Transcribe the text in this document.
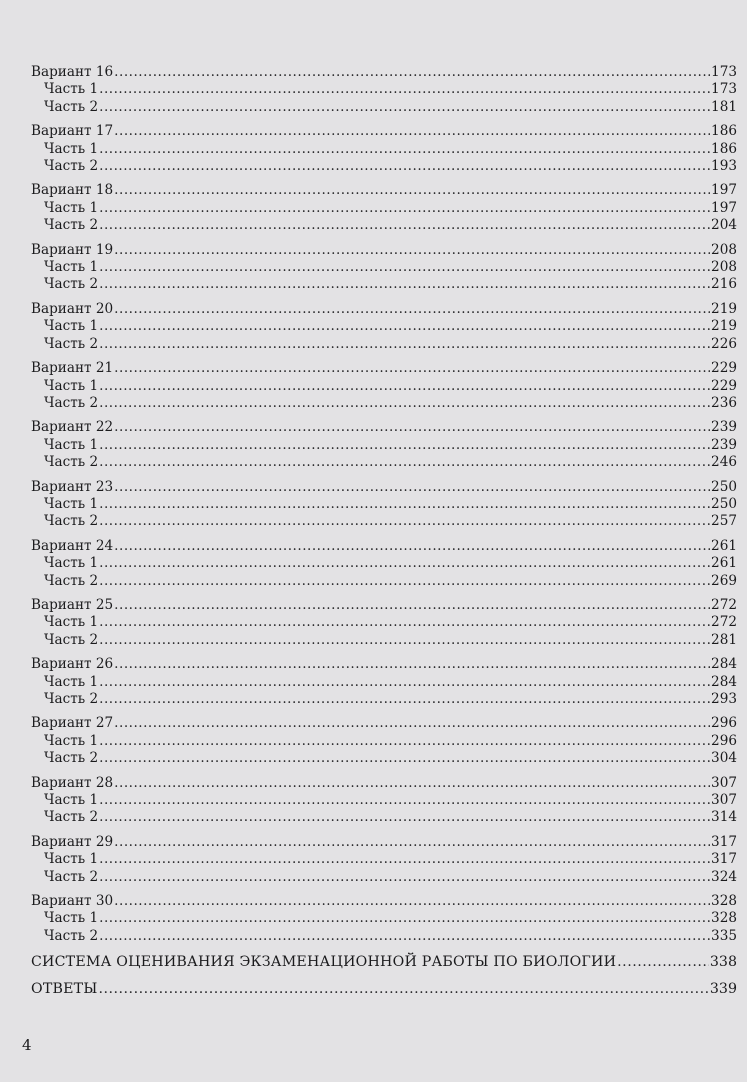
Вариант 16 .....	173
Часть 1 .....	173
Часть 2 .....	181
Вариант 17 .....	186
Часть 1 .....	186
Часть 2 .....	193
Вариант 18 .....	197
Часть 1 .....	197
Часть 2 .....	204
Вариант 19 .....	208
Часть 1 .....	208
Часть 2 .....	216
Вариант 20 .....	219
Часть 1 .....	219
Часть 2 .....	226
Вариант 21 .....	229
Часть 1 .....	229
Часть 2 .....	236
Вариант 22 .....	239
Часть 1 .....	239
Часть 2 .....	246
Вариант 23 .....	250
Часть 1 .....	250
Часть 2 .....	257
Вариант 24 .....	261
Часть 1 .....	261
Часть 2 .....	269
Вариант 25 .....	272
Часть 1 .....	272
Часть 2 .....	281
Вариант 26 .....	284
Часть 1 .....	284
Часть 2 .....	293
Вариант 27 .....	296
Часть 1 .....	296
Часть 2 .....	304
Вариант 28 .....	307
Часть 1 .....	307
Часть 2 .....	314
Вариант 29 .....	317
Часть 1 .....	317
Часть 2 .....	324
Вариант 30 .....	328
Часть 1 .....	328
Часть 2 .....	335
СИСТЕМА ОЦЕНИВАНИЯ ЭКЗАМЕНАЦИОННОЙ РАБОТЫ ПО БИОЛОГИИ .....	338
ОТВЕТЫ .....	339
4
